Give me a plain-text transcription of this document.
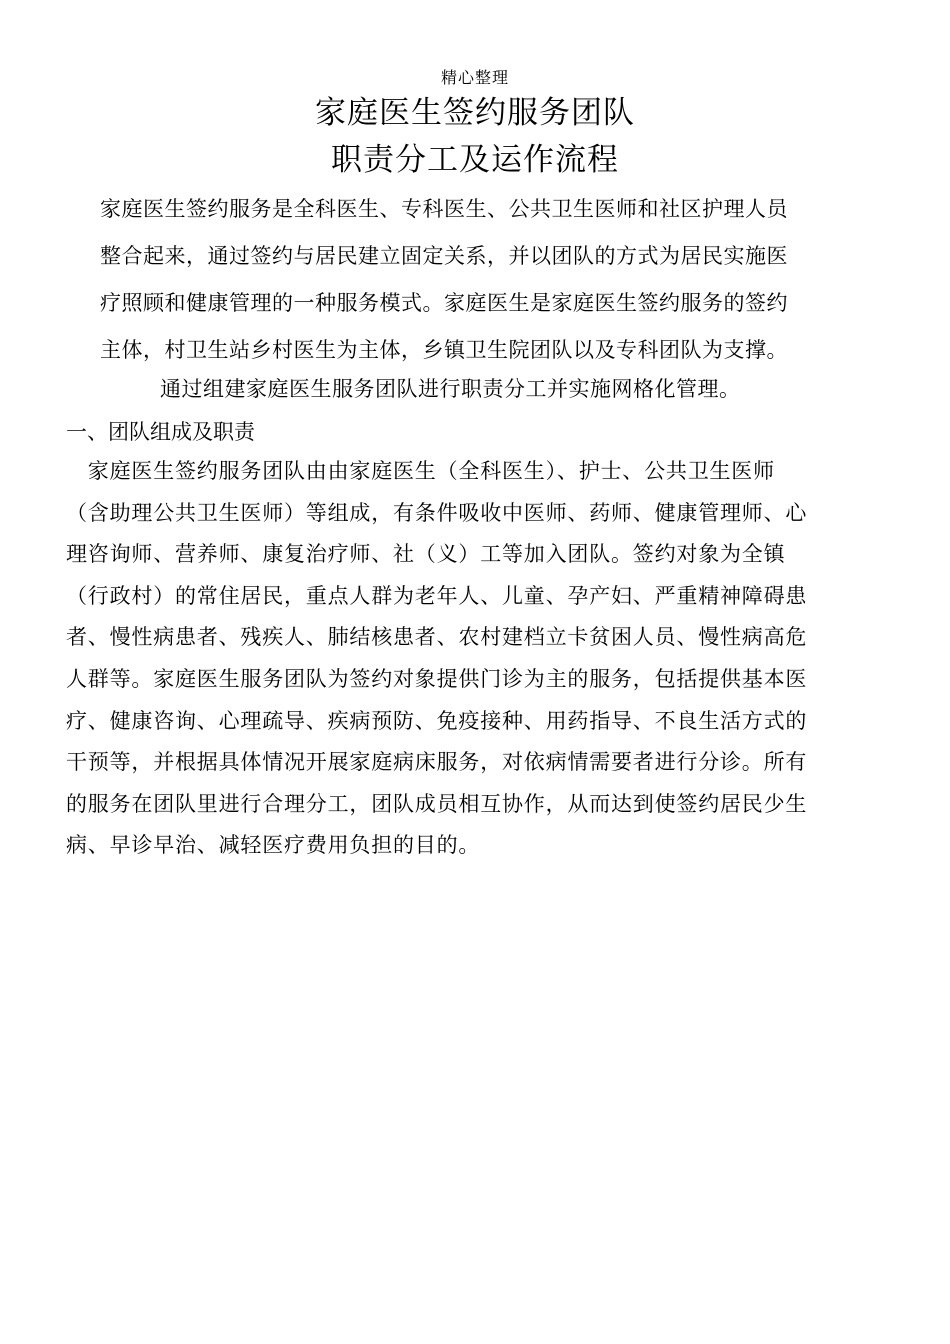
精心整理
家庭医生签约服务团队
职责分工及运作流程
家庭医生签约服务是全科医生、专科医生、公共卫生医师和社区护理人员
整合起来，通过签约与居民建立固定关系，并以团队的方式为居民实施医
疗照顾和健康管理的一种服务模式。家庭医生是家庭医生签约服务的签约
主体，村卫生站乡村医生为主体，乡镇卫生院团队以及专科团队为支撑。
通过组建家庭医生服务团队进行职责分工并实施网格化管理。
一、团队组成及职责
　家庭医生签约服务团队由由家庭医生（全科医生）、护士、公共卫生医师
（含助理公共卫生医师）等组成，有条件吸收中医师、药师、健康管理师、心
理咨询师、营养师、康复治疗师、社（义）工等加入团队。签约对象为全镇
（行政村）的常住居民，重点人群为老年人、儿童、孕产妇、严重精神障碍患
者、慢性病患者、残疾人、肺结核患者、农村建档立卡贫困人员、慢性病高危
人群等。家庭医生服务团队为签约对象提供门诊为主的服务，包括提供基本医
疗、健康咨询、心理疏导、疾病预防、免疫接种、用药指导、不良生活方式的
干预等，并根据具体情况开展家庭病床服务，对依病情需要者进行分诊。所有
的服务在团队里进行合理分工，团队成员相互协作，从而达到使签约居民少生
病、早诊早治、减轻医疗费用负担的目的。
